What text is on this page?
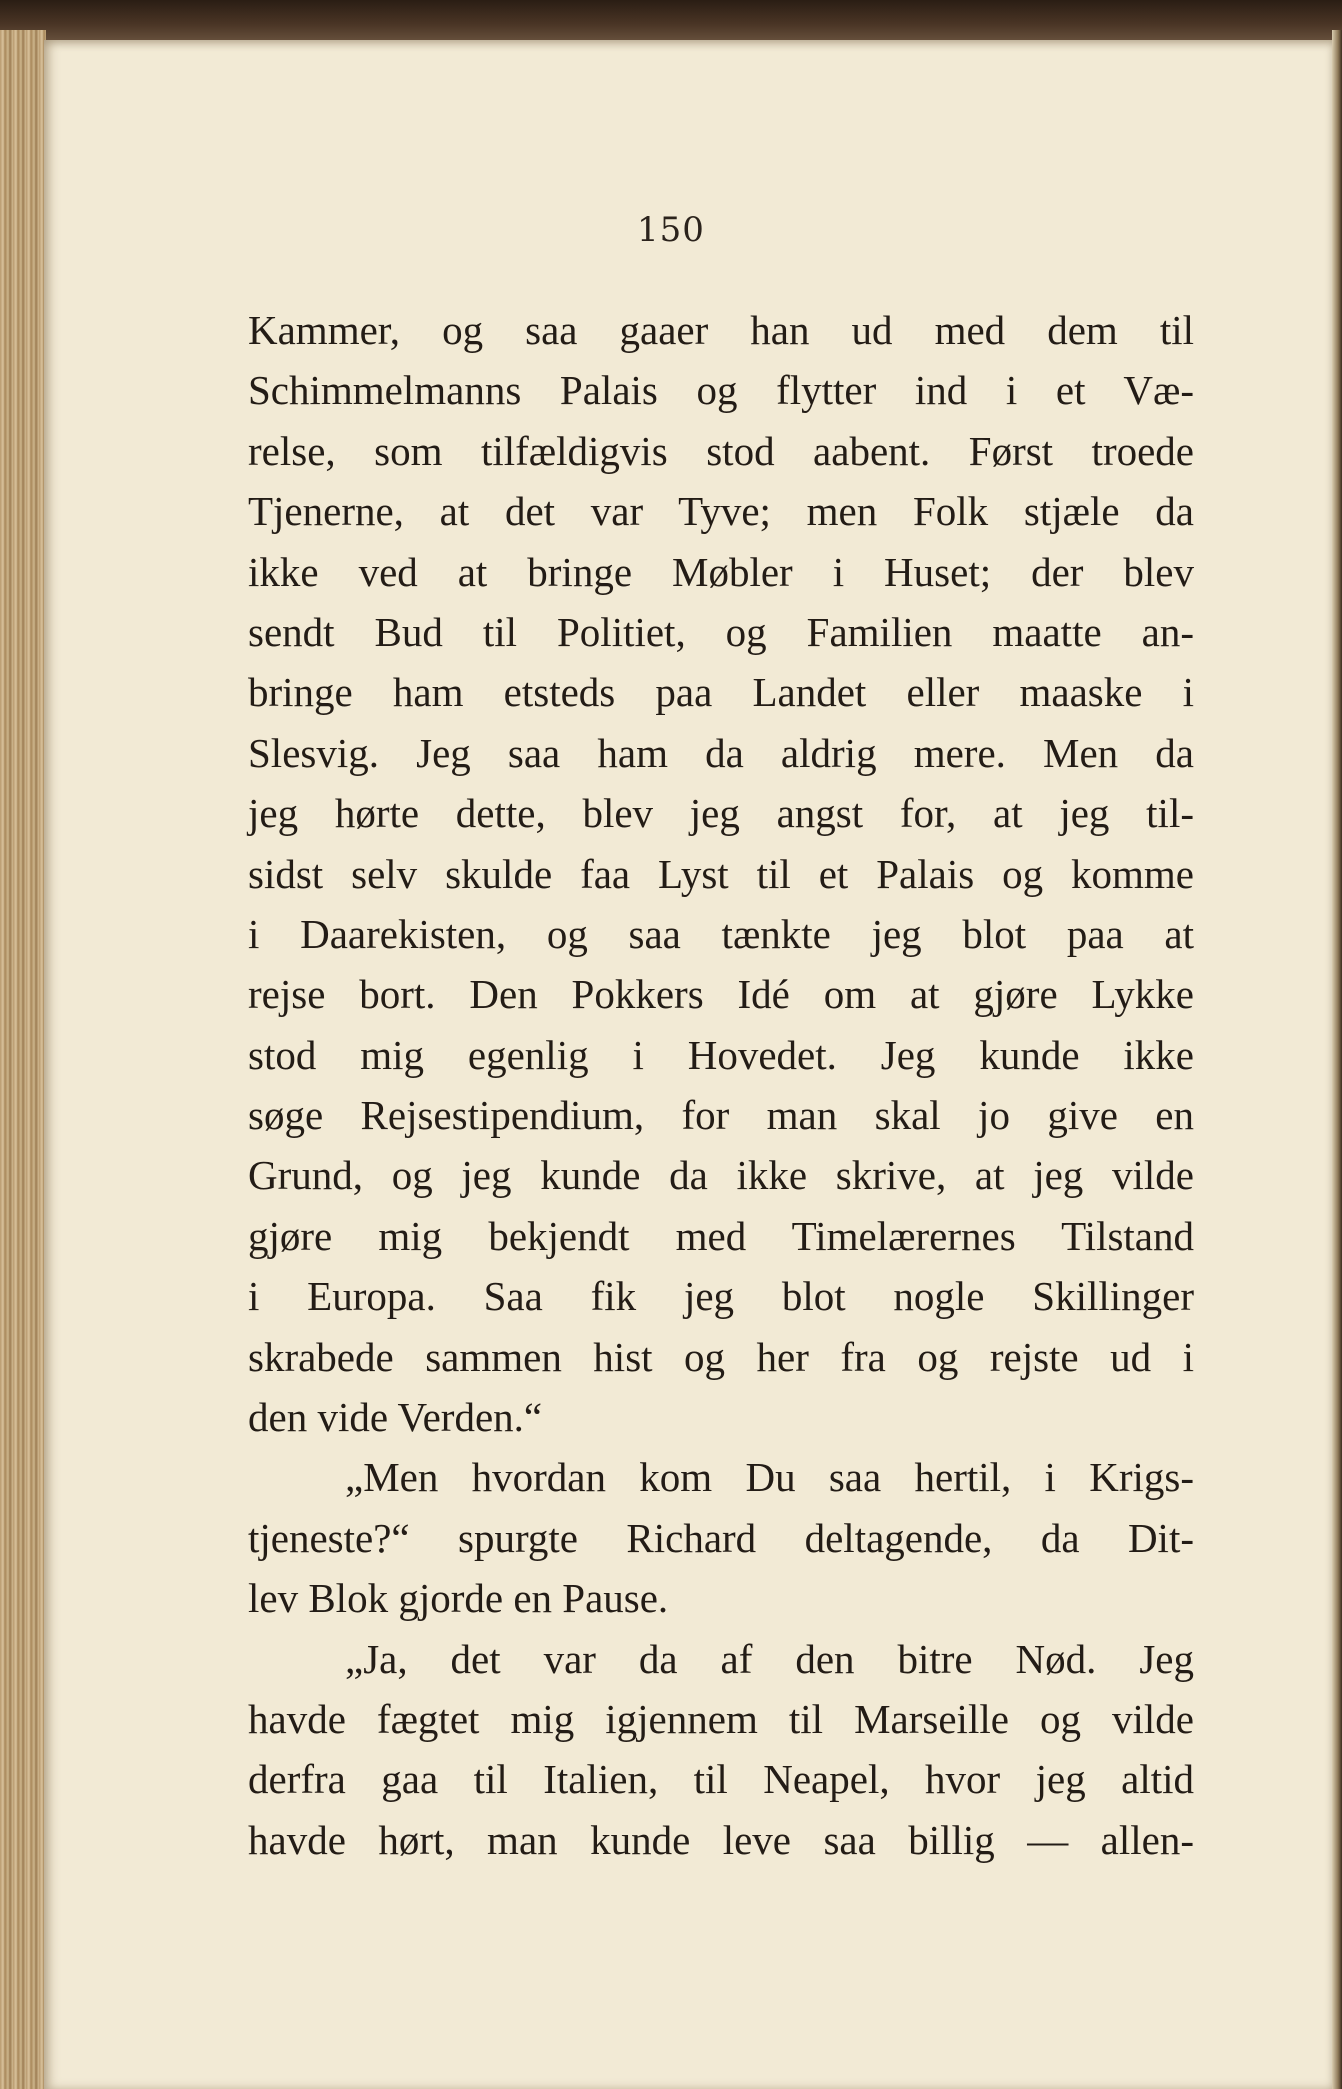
150
Kammer, og saa gaaer han ud med dem til
Schimmelmanns Palais og flytter ind i et Væ-
relse, som tilfældigvis stod aabent. Først troede
Tjenerne, at det var Tyve; men Folk stjæle da
ikke ved at bringe Møbler i Huset; der blev
sendt Bud til Politiet, og Familien maatte an-
bringe ham etsteds paa Landet eller maaske i
Slesvig. Jeg saa ham da aldrig mere. Men da
jeg hørte dette, blev jeg angst for, at jeg til-
sidst selv skulde faa Lyst til et Palais og komme
i Daarekisten, og saa tænkte jeg blot paa at
rejse bort. Den Pokkers Idé om at gjøre Lykke
stod mig egenlig i Hovedet. Jeg kunde ikke
søge Rejsestipendium, for man skal jo give en
Grund, og jeg kunde da ikke skrive, at jeg vilde
gjøre mig bekjendt med Timelærernes Tilstand
i Europa. Saa fik jeg blot nogle Skillinger
skrabede sammen hist og her fra og rejste ud i
den vide Verden.“
„Men hvordan kom Du saa hertil, i Krigs-
tjeneste?“ spurgte Richard deltagende, da Dit-
lev Blok gjorde en Pause.
„Ja, det var da af den bitre Nød. Jeg
havde fægtet mig igjennem til Marseille og vilde
derfra gaa til Italien, til Neapel, hvor jeg altid
havde hørt, man kunde leve saa billig — allen-
